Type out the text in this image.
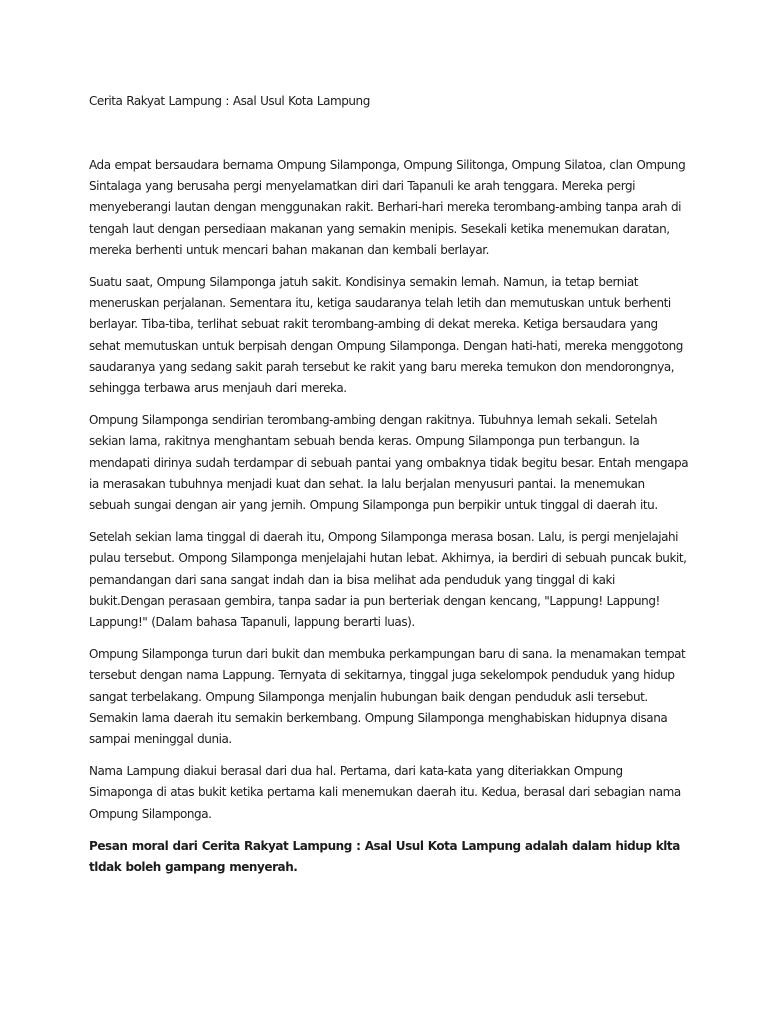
Cerita Rakyat Lampung : Asal Usul Kota Lampung

Ada empat bersaudara bernama Ompung Silamponga, Ompung Silitonga, Ompung Silatoa, clan Ompung Sintalaga yang berusaha pergi menyelamatkan diri dari Tapanuli ke arah tenggara. Mereka pergi menyeberangi lautan dengan menggunakan rakit. Berhari-hari mereka terombang-ambing tanpa arah di tengah laut dengan persediaan makanan yang semakin menipis. Sesekali ketika menemukan daratan, mereka berhenti untuk mencari bahan makanan dan kembali berlayar.

Suatu saat, Ompung Silamponga jatuh sakit. Kondisinya semakin lemah. Namun, ia tetap berniat meneruskan perjalanan. Sementara itu, ketiga saudaranya telah letih dan memutuskan untuk berhenti berlayar. Tiba-tiba, terlihat sebuat rakit terombang-ambing di dekat mereka. Ketiga bersaudara yang sehat memutuskan untuk berpisah dengan Ompung Silamponga. Dengan hati-hati, mereka menggotong saudaranya yang sedang sakit parah tersebut ke rakit yang baru mereka temukon don mendorongnya, sehingga terbawa arus menjauh dari mereka.

Ompung Silamponga sendirian terombang-ambing dengan rakitnya. Tubuhnya lemah sekali. Setelah sekian lama, rakitnya menghantam sebuah benda keras. Ompung Silamponga pun terbangun. Ia mendapati dirinya sudah terdampar di sebuah pantai yang ombaknya tidak begitu besar. Entah mengapa ia merasakan tubuhnya menjadi kuat dan sehat. Ia lalu berjalan menyusuri pantai. Ia menemukan sebuah sungai dengan air yang jernih. Ompung Silamponga pun berpikir untuk tinggal di daerah itu.

Setelah sekian lama tinggal di daerah itu, Ompong Silamponga merasa bosan. Lalu, is pergi menjelajahi pulau tersebut. Ompong Silamponga menjelajahi hutan lebat. Akhirnya, ia berdiri di sebuah puncak bukit, pemandangan dari sana sangat indah dan ia bisa melihat ada penduduk yang tinggal di kaki bukit.Dengan perasaan gembira, tanpa sadar ia pun berteriak dengan kencang, "Lappung! Lappung! Lappung!" (Dalam bahasa Tapanuli, lappung berarti luas).

Ompung Silamponga turun dari bukit dan membuka perkampungan baru di sana. Ia menamakan tempat tersebut dengan nama Lappung. Ternyata di sekitarnya, tinggal juga sekelompok penduduk yang hidup sangat terbelakang. Ompung Silamponga menjalin hubungan baik dengan penduduk asli tersebut. Semakin lama daerah itu semakin berkembang. Ompung Silamponga menghabiskan hidupnya disana sampai meninggal dunia.

Nama Lampung diakui berasal dari dua hal. Pertama, dari kata-kata yang diteriakkan Ompung Simaponga di atas bukit ketika pertama kali menemukan daerah itu. Kedua, berasal dari sebagian nama Ompung Silamponga.

Pesan moral dari Cerita Rakyat Lampung : Asal Usul Kota Lampung adalah dalam hidup klta tldak boleh gampang menyerah.
